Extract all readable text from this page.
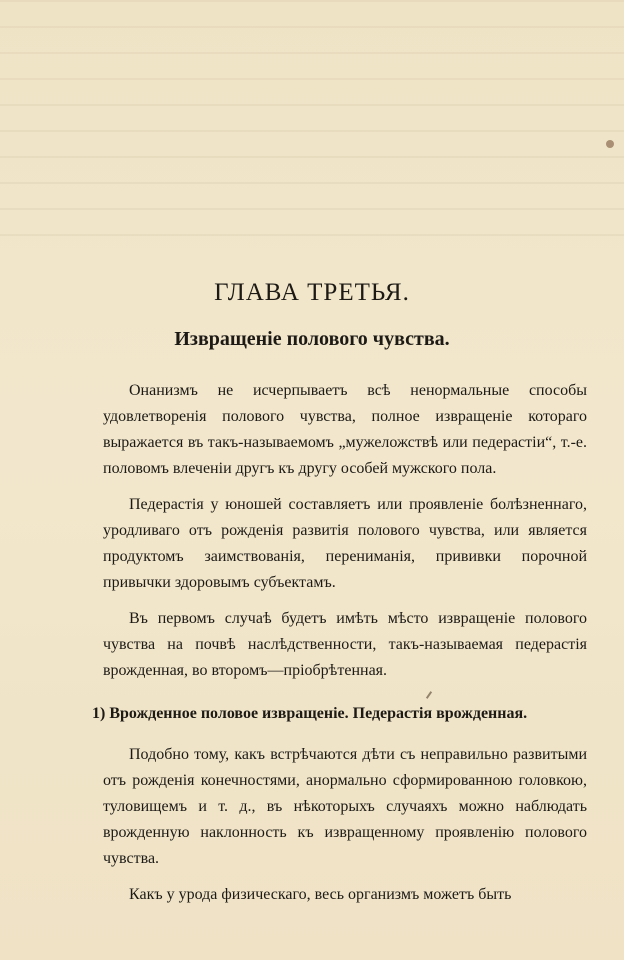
ГЛАВА ТРЕТЬЯ.
Извращеніе полового чувства.

Онанизмъ не исчерпываетъ всѣ ненормальные способы удовлетворенія полового чувства, полное извращеніе котораго выражается въ такъ-называемомъ „мужеложствѣ или педерастіи“, т.-е. половомъ влеченіи другъ къ другу особей мужского пола.

Педерастія у юношей составляетъ или проявленіе болѣзненнаго, уродливаго отъ рожденія развитія полового чувства, или является продуктомъ заимствованія, перениманія, прививки порочной привычки здоровымъ субъектамъ.

Въ первомъ случаѣ будетъ имѣть мѣсто извращеніе полового чувства на почвѣ наслѣдственности, такъ-называемая педерастія врожденная, во второмъ—пріобрѣтенная.

1) Врожденное половое извращеніе. Педерастія врожденная.

Подобно тому, какъ встрѣчаются дѣти съ неправильно развитыми отъ рожденія конечностями, анормально сформированною головкою, туловищемъ и т. д., въ нѣкоторыхъ случаяхъ можно наблюдать врожденную наклонность къ извращенному проявленію полового чувства.

Какъ у урода физическаго, весь организмъ можетъ быть
